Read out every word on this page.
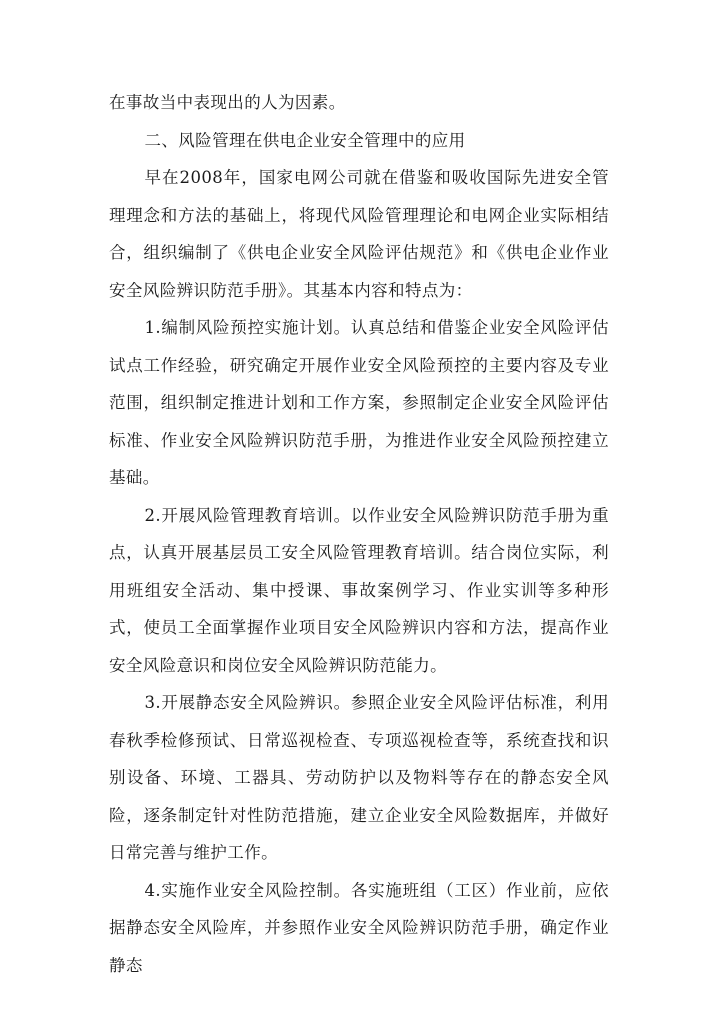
在事故当中表现出的人为因素。

二、风险管理在供电企业安全管理中的应用

早在2008年，国家电网公司就在借鉴和吸收国际先进安全管理理念和方法的基础上，将现代风险管理理论和电网企业实际相结合，组织编制了《供电企业安全风险评估规范》和《供电企业作业安全风险辨识防范手册》。其基本内容和特点为：

1.编制风险预控实施计划。认真总结和借鉴企业安全风险评估试点工作经验，研究确定开展作业安全风险预控的主要内容及专业范围，组织制定推进计划和工作方案，参照制定企业安全风险评估标准、作业安全风险辨识防范手册，为推进作业安全风险预控建立基础。

2.开展风险管理教育培训。以作业安全风险辨识防范手册为重点，认真开展基层员工安全风险管理教育培训。结合岗位实际，利用班组安全活动、集中授课、事故案例学习、作业实训等多种形式，使员工全面掌握作业项目安全风险辨识内容和方法，提高作业安全风险意识和岗位安全风险辨识防范能力。

3.开展静态安全风险辨识。参照企业安全风险评估标准，利用春秋季检修预试、日常巡视检查、专项巡视检查等，系统查找和识别设备、环境、工器具、劳动防护以及物料等存在的静态安全风险，逐条制定针对性防范措施，建立企业安全风险数据库，并做好日常完善与维护工作。

4.实施作业安全风险控制。各实施班组（工区）作业前，应依据静态安全风险库，并参照作业安全风险辨识防范手册，确定作业静态
